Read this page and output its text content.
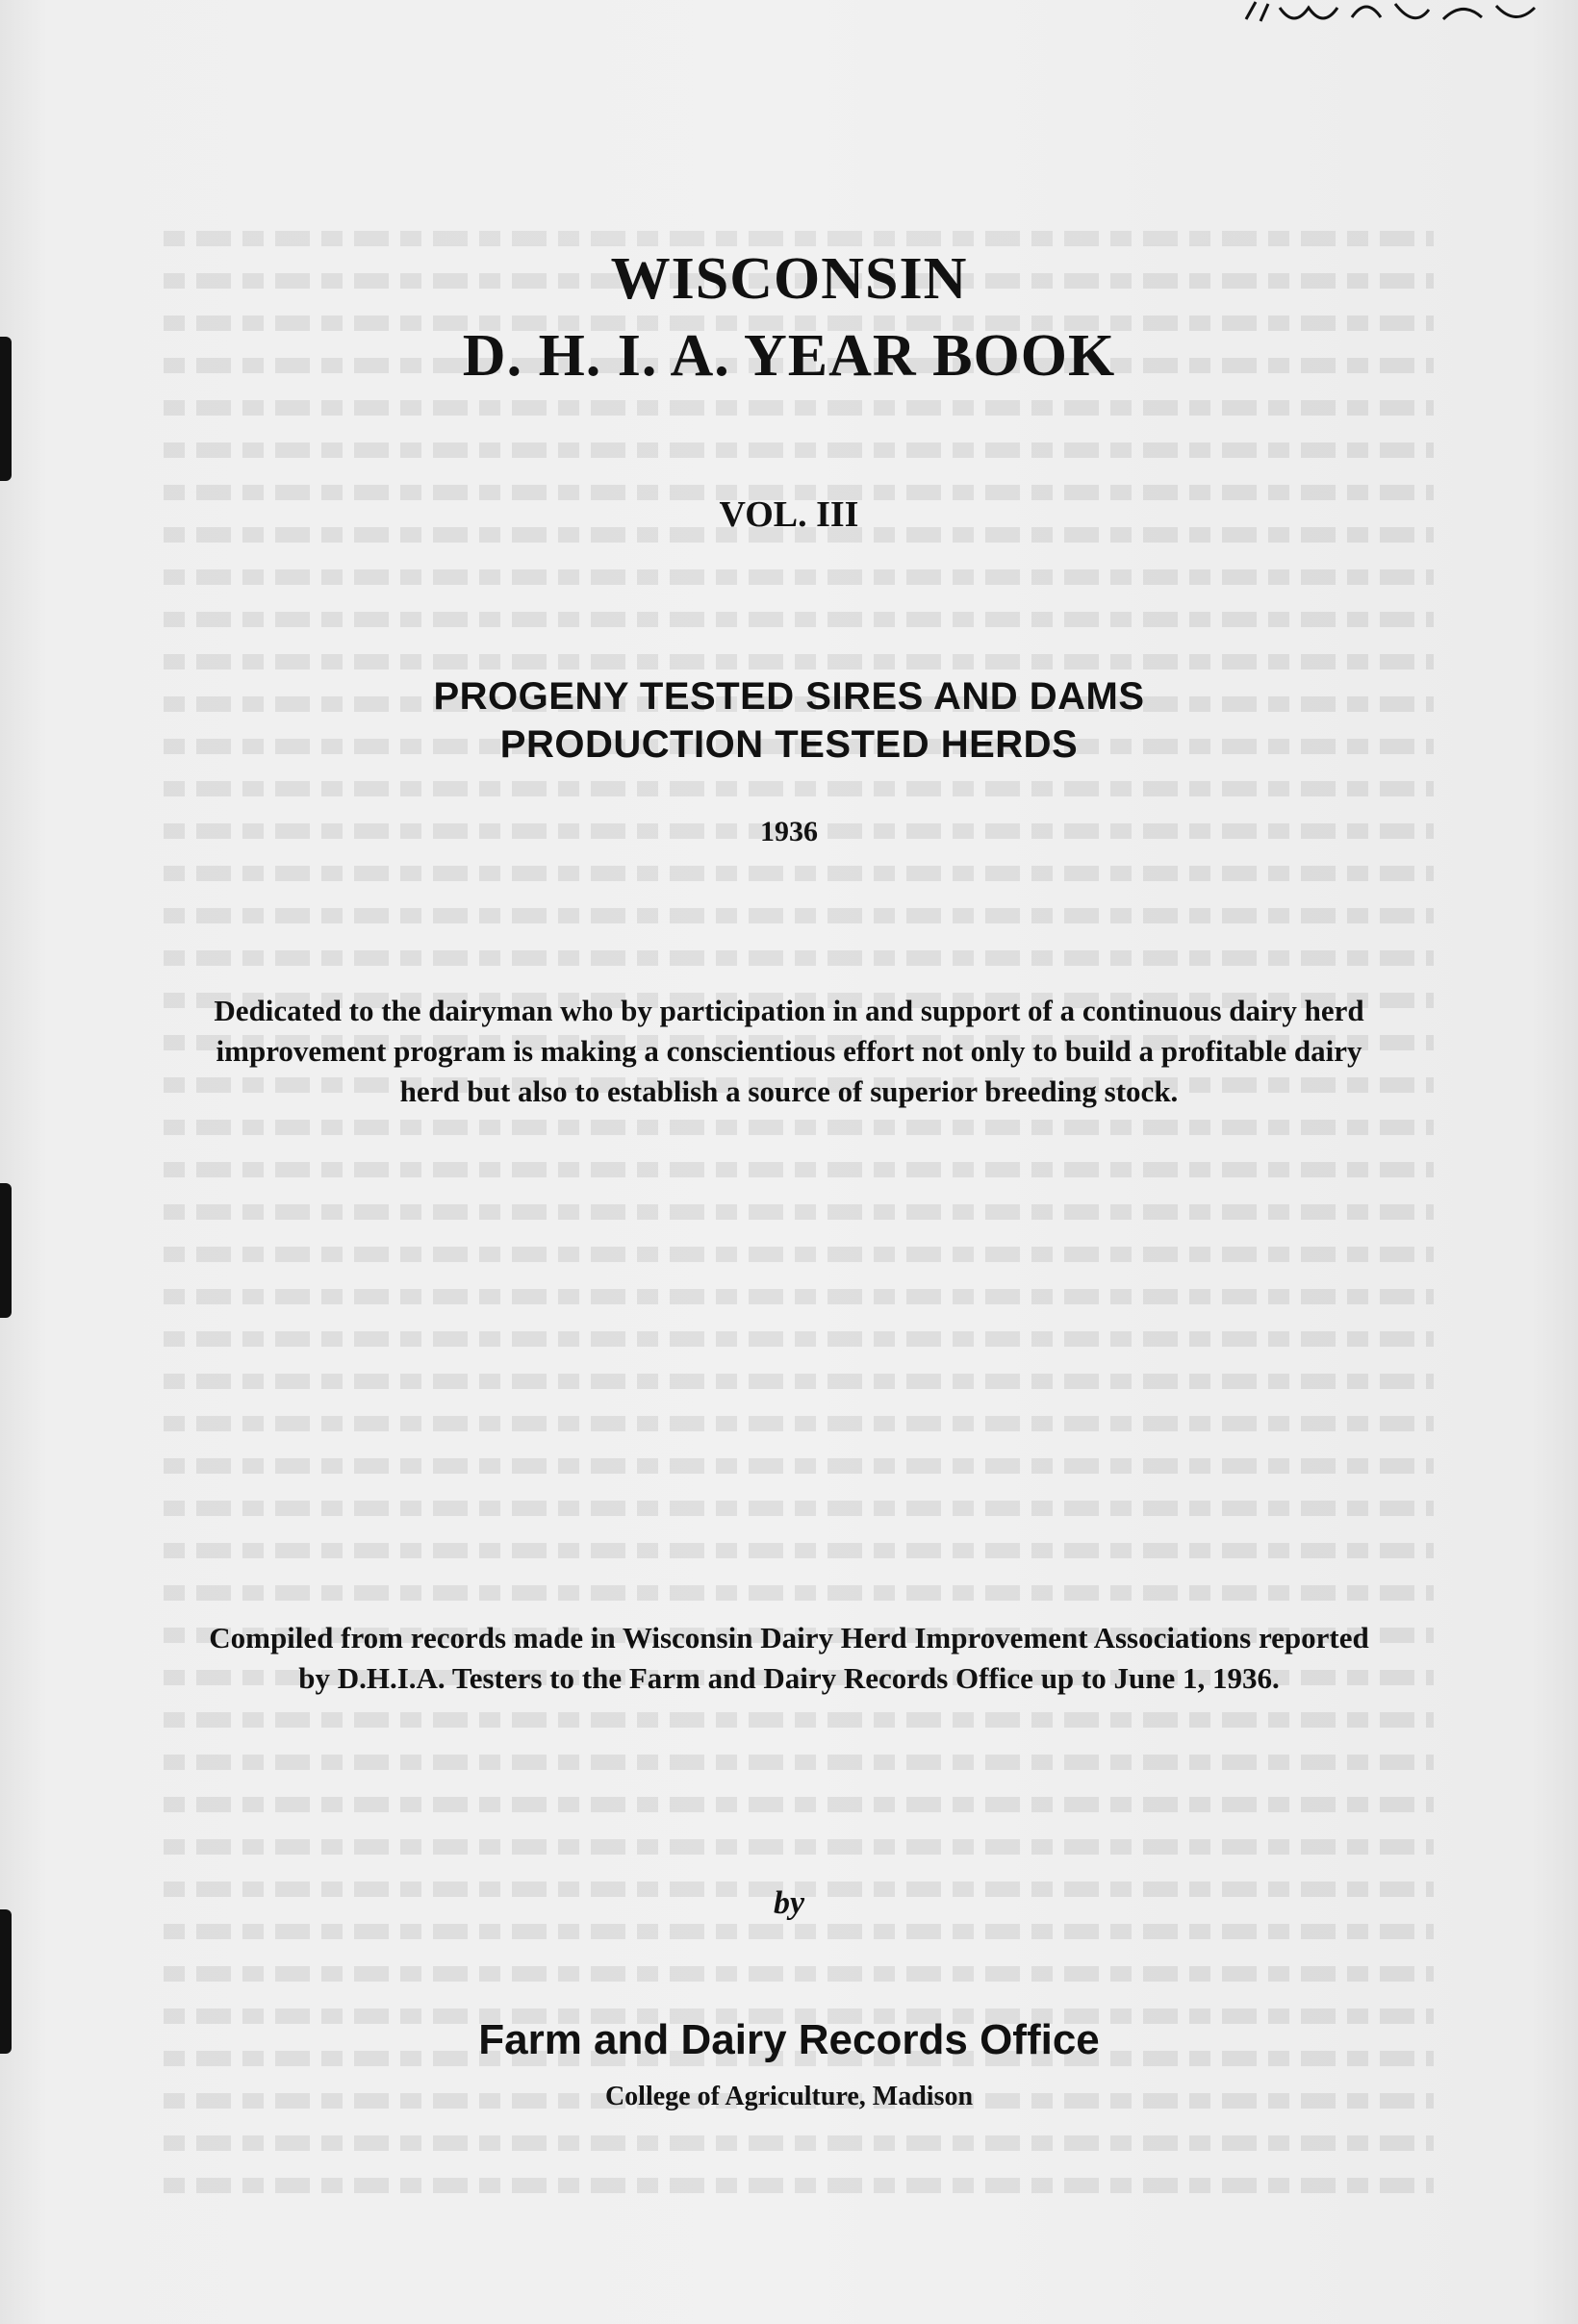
WISCONSIN
D. H. I. A. YEAR BOOK
VOL. III
PROGENY TESTED SIRES AND DAMS
PRODUCTION TESTED HERDS
1936
Dedicated to the dairyman who by participation in and support of a continuous dairy herd improvement program is making a conscientious effort not only to build a profitable dairy herd but also to establish a source of superior breeding stock.
Compiled from records made in Wisconsin Dairy Herd Improvement Associations reported by D.H.I.A. Testers to the Farm and Dairy Records Office up to June 1, 1936.
by
Farm and Dairy Records Office
College of Agriculture, Madison
